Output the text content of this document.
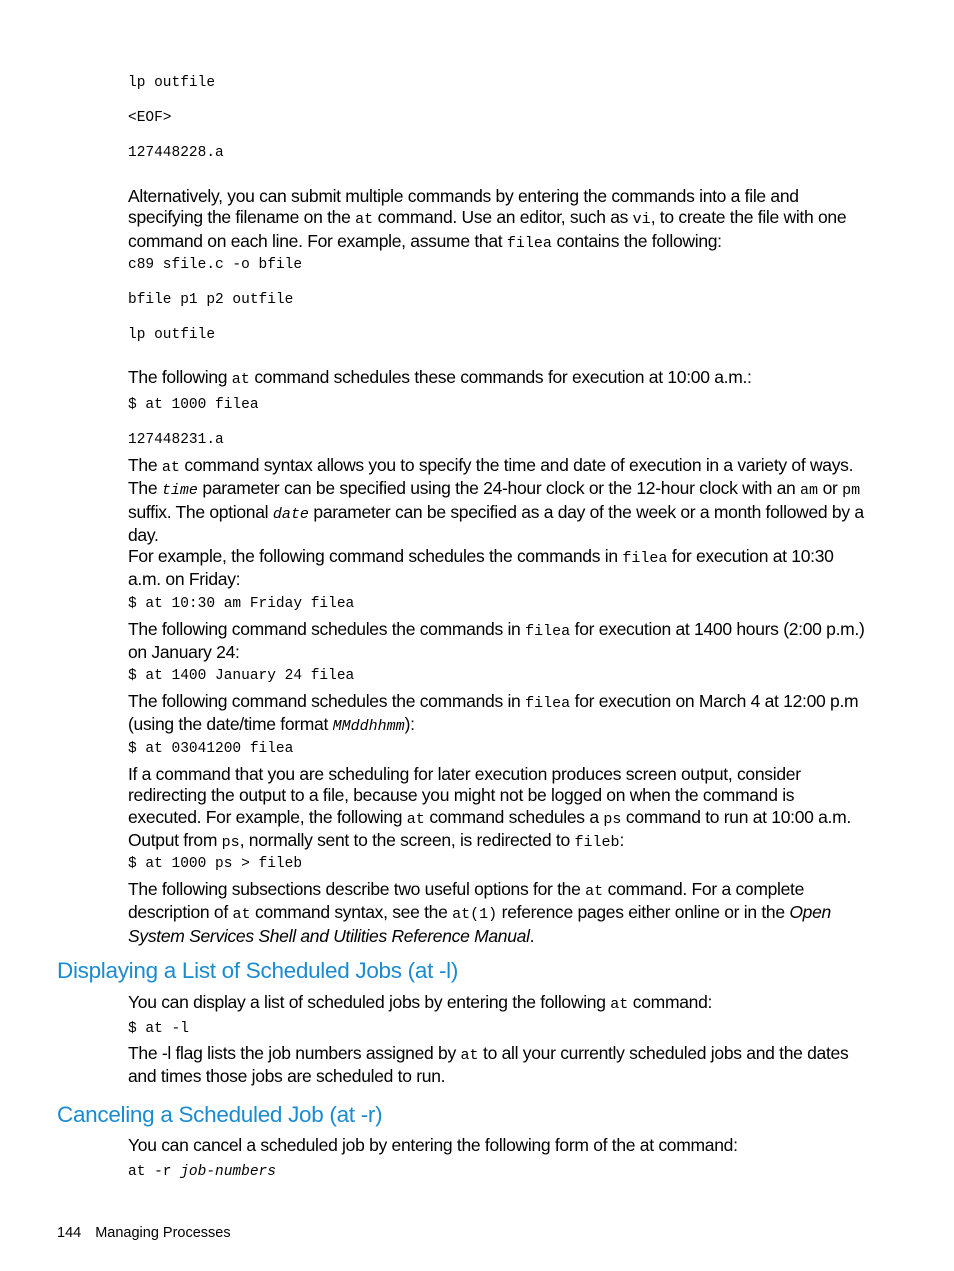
lp outfile
<EOF>
127448228.a

Alternatively, you can submit multiple commands by entering the commands into a file and specifying the filename on the at command. Use an editor, such as vi, to create the file with one command on each line. For example, assume that filea contains the following:

c89 sfile.c -o bfile
bfile p1 p2 outfile
lp outfile

The following at command schedules these commands for execution at 10:00 a.m.:

$ at 1000 filea
127448231.a

The at command syntax allows you to specify the time and date of execution in a variety of ways. The time parameter can be specified using the 24-hour clock or the 12-hour clock with an am or pm suffix. The optional date parameter can be specified as a day of the week or a month followed by a day.

For example, the following command schedules the commands in filea for execution at 10:30 a.m. on Friday:

$ at 10:30 am Friday filea

The following command schedules the commands in filea for execution at 1400 hours (2:00 p.m.) on January 24:

$ at 1400 January 24 filea

The following command schedules the commands in filea for execution on March 4 at 12:00 p.m (using the date/time format MMddhhmm):

$ at 03041200 filea

If a command that you are scheduling for later execution produces screen output, consider redirecting the output to a file, because you might not be logged on when the command is executed. For example, the following at command schedules a ps command to run at 10:00 a.m. Output from ps, normally sent to the screen, is redirected to fileb:

$ at 1000 ps > fileb

The following subsections describe two useful options for the at command. For a complete description of at command syntax, see the at(1) reference pages either online or in the Open System Services Shell and Utilities Reference Manual.

Displaying a List of Scheduled Jobs (at -l)

You can display a list of scheduled jobs by entering the following at command:

$ at -l

The -l flag lists the job numbers assigned by at to all your currently scheduled jobs and the dates and times those jobs are scheduled to run.

Canceling a Scheduled Job (at -r)

You can cancel a scheduled job by entering the following form of the at command:

at -r job-numbers
144 Managing Processes
